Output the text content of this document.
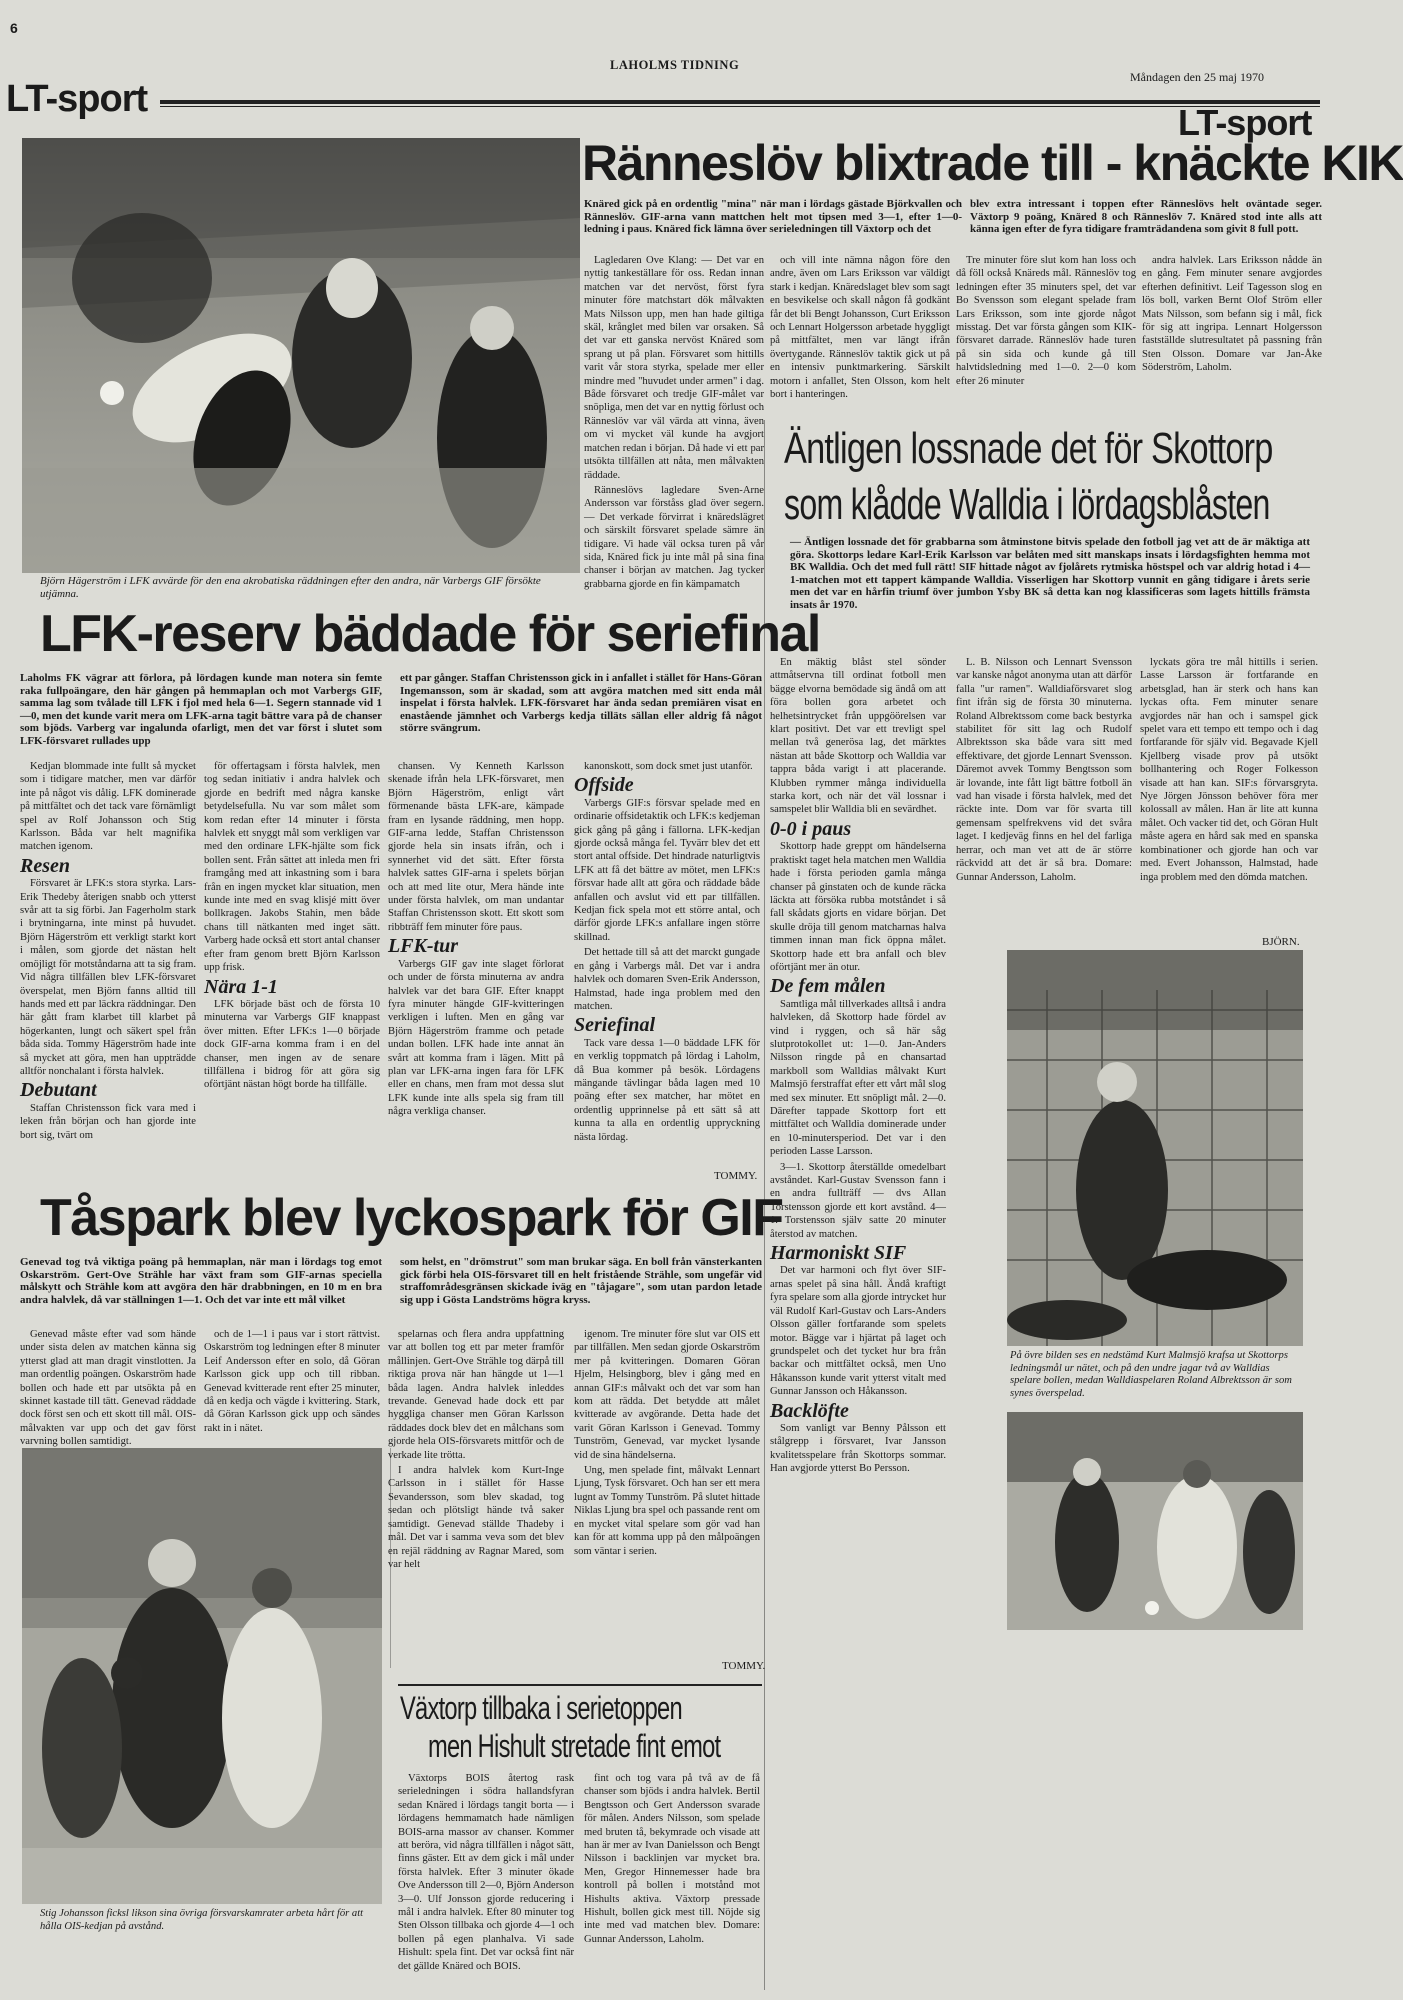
6
LAHOLMS TIDNING
Måndagen den 25 maj 1970
LT-sport
LT-sport
Björn Hägerström i LFK avvärde för den ena akrobatiska räddningen efter den andra, när Varbergs GIF försökte utjämna.
Ränneslöv blixtrade till - knäckte KIK
Knäred gick på en ordentlig "mina" när man i lördags gästade Björkvallen och Ränneslöv. GIF-arna vann mattchen helt mot tipsen med 3—1, efter 1—0-ledning i paus. Knäred fick lämna över serieledningen till Växtorp och det
blev extra intressant i toppen efter Ränneslövs helt oväntade seger. Växtorp 9 poäng, Knäred 8 och Ränneslöv 7. Knäred stod inte alls att känna igen efter de fyra tidigare framträdandena som givit 8 full pott.

Lagledaren Ove Klang: — Det var en nyttig tankeställare för oss. Redan innan matchen var det nervöst, först fyra minuter före matchstart dök målvakten Mats Nilsson upp, men han hade giltiga skäl, krånglet med bilen var orsaken. Så det var ett ganska nervöst Knäred som sprang ut på plan. Försvaret som hittills varit vår stora styrka, spelade mer eller mindre med "huvudet under armen" i dag. Både försvaret och tredje GIF-målet var snöpliga, men det var en nyttig förlust och Ränneslöv var väl värda att vinna, även om vi mycket väl kunde ha avgjort matchen redan i början. Då hade vi ett par utsökta tillfällen att nåta, men målvakten räddade.

Ränneslövs lagledare Sven-Arne Andersson var förståss glad över segern. — Det verkade förvirrat i knäredslägret och särskilt försvaret spelade sämre än tidigare. Vi hade väl ocksa turen på vår sida, Knäred fick ju inte mål på sina fina chanser i början av matchen. Jag tycker grabbarna gjorde en fin kämpamatch

och vill inte nämna någon före den andre, även om Lars Eriksson var väldigt stark i kedjan. Knäredslaget blev som sagt en besvikelse och skall någon få godkänt får det bli Bengt Johansson, Curt Eriksson och Lennart Holgersson arbetade hyggligt på mittfältet, men var längt ifrån övertygande. Ränneslöv taktik gick ut på en intensiv punktmarkering. Särskilt motorn i anfallet, Sten Olsson, kom helt bort i hanteringen.

Tre minuter före slut kom han loss och då föll också Knäreds mål. Ränneslöv tog ledningen efter 35 minuters spel, det var Bo Svensson som elegant spelade fram Lars Eriksson, som inte gjorde något misstag. Det var första gången som KIK-försvaret darrade. Ränneslöv hade turen på sin sida och kunde gå till halvtidsledning med 1—0. 2—0 kom efter 26 minuter

andra halvlek. Lars Eriksson nådde än en gång. Fem minuter senare avgjordes efterhen definitivt. Leif Tagesson slog en lös boll, varken Bernt Olof Ström eller Mats Nilsson, som befann sig i mål, fick för sig att ingripa. Lennart Holgersson fastställde slutresultatet på passning från Sten Olsson. Domare var Jan-Åke Söderström, Laholm.

Äntligen lossnade det för Skottorp
som klådde Walldia i lördagsblåsten
— Äntligen lossnade det för grabbarna som åtminstone bitvis spelade den fotboll jag vet att de är mäktiga att göra. Skottorps ledare Karl-Erik Karlsson var belåten med sitt manskaps insats i lördagsfighten hemma mot BK Walldia. Och det med full rätt! SIF hittade något av fjolårets rytmiska höstspel och var aldrig hotad i 4—1-matchen mot ett tappert kämpande Walldia. Visserligen har Skottorp vunnit en gång tidigare i årets serie men det var en hårfin triumf över jumbon Ysby BK så detta kan nog klassificeras som lagets hittills främsta insats år 1970.

En mäktig blåst stel sönder attmåtservna till ordinat fotboll men bägge elvorna bemödade sig ändå om att föra bollen gora arbetet och helhetsintrycket från uppgöörelsen var klart positivt. Det var ett trevligt spel mellan två generösa lag, det märktes nästan att både Skottorp och Walldia var tappra båda varigt i att placerande. Klubben rymmer många individuella starka kort, och när det väl lossnar i samspelet blir Walldia bli en sevärdhet.

0-0 i paus

Skottorp hade greppt om händelserna praktiskt taget hela matchen men Walldia hade i första perioden gamla många chanser på ginstaten och de kunde räcka läckta att försöka rubba motståndet i så fall skådats gjorts en vidare början. Det skulle dröja till genom matcharnas halva timmen innan man fick öppna målet. Skottorp hade ett bra anfall och blev oförtjänt mer än otur.

De fem målen

Samtliga mål tillverkades alltså i andra halvleken, då Skottorp hade fördel av vind i ryggen, och så här såg slutprotokollet ut: 1—0. Jan-Anders Nilsson ringde på en chansartad markboll som Walldias målvakt Kurt Malmsjö ferstraffat efter ett vårt mål slog med sex minuter. Ett snöpligt mål. 2—0. Därefter tappade Skottorp fort ett mittfältet och Walldia dominerade under en 10-minutersperiod. Det var i den perioden Lasse Larsson.

3—1. Skottorp återställde omedelbart avståndet. Karl-Gustav Svensson fann i en andra fullträff — dvs Allan Torstensson gjorde ett kort avstånd. 4—1. Torstensson själv satte 20 minuter återstod av matchen.

Harmoniskt SIF

Det var harmoni och flyt över SIF-arnas spelet på sina håll. Ändå kraftigt fyra spelare som alla gjorde intrycket hur väl Rudolf Karl-Gustav och Lars-Anders Olsson gäller fortfarande som spelets motor. Bägge var i hjärtat på laget och grundspelet och det tycket hur bra från backar och mittfältet också, men Uno Håkansson kunde varit ytterst vitalt med Gunnar Jansson och Håkansson.

Backlöfte

Som vanligt var Benny Pålsson ett stålgrepp i försvaret, Ivar Jansson kvalitetsspelare från Skottorps sommar. Han avgjorde ytterst Bo Persson.

L. B. Nilsson och Lennart Svensson var kanske något anonyma utan att därför falla "ur ramen". Walldiaförsvaret slog fint ifrån sig de första 30 minuterna. Roland Albrektssom come back bestyrka stabilitet för sitt lag och Rudolf Albrektsson ska både vara sitt med effektivare, det gjorde Lennart Svensson. Däremot avvek Tommy Bengtsson som är lovande, inte fått ligt bättre fotboll än vad han visade i första halvlek, med det räckte inte. Dom var för svarta till gemensam spelfrekvens vid det svåra laget. I kedjeväg finns en hel del farliga herrar, och man vet att de är större räckvidd att det är så bra. Domare: Gunnar Andersson, Laholm.

lyckats göra tre mål hittills i serien. Lasse Larsson är fortfarande en arbetsglad, han är sterk och hans kan lyckas ofta. Fem minuter senare avgjordes när han och i samspel gick spelet vara ett tempo ett tempo och i dag fortfarande för själv vid. Begavade Kjell Kjellberg visade prov på utsökt bollhantering och Roger Folkesson visade att han kan. SIF:s förvarsgryta. Nye Jörgen Jönsson behöver föra mer kolossall av målen. Han är lite att kunna målet. Och vacker tid det, och Göran Hult måste agera en hård sak med en spanska kombinationer och gjorde han och var med. Evert Johansson, Halmstad, hade inga problem med den dömda matchen.

BJÖRN.
På övre bilden ses en nedstämd Kurt Malmsjö krafsa ut Skottorps ledningsmål ur nätet, och på den undre jagar två av Walldias spelare bollen, medan Walldiaspelaren Roland Albrektsson är som synes överspelad.
LFK-reserv bäddade för seriefinal
Laholms FK vägrar att förlora, på lördagen kunde man notera sin femte raka fullpoängare, den här gången på hemmaplan och mot Varbergs GIF, samma lag som tvålade till LFK i fjol med hela 6—1. Segern stannade vid 1—0, men det kunde varit mera om LFK-arna tagit bättre vara på de chanser som bjöds. Varberg var ingalunda ofarligt, men det var först i slutet som LFK-försvaret rullades upp
ett par gånger. Staffan Christensson gick in i anfallet i stället för Hans-Göran Ingemansson, som är skadad, som att avgöra matchen med sitt enda mål inspelat i första halvlek. LFK-försvaret har ända sedan premiären visat en enastående jämnhet och Varbergs kedja tilläts sällan eller aldrig få något större svängrum.

Kedjan blommade inte fullt så mycket som i tidigare matcher, men var därför inte på något vis dålig. LFK dominerade på mittfältet och det tack vare förnämligt spel av Rolf Johansson och Stig Karlsson. Båda var helt magnifika matchen igenom.

Resen

Försvaret är LFK:s stora styrka. Lars-Erik Thedeby återigen snabb och ytterst svår att ta sig förbi. Jan Fagerholm stark i brytningarna, inte minst på huvudet. Björn Hägerström ett verkligt starkt kort i målen, som gjorde det nästan helt omöjligt för motståndarna att ta sig fram. Vid några tillfällen blev LFK-försvaret överspelat, men Björn fanns alltid till hands med ett par läckra räddningar. Den här gått fram klarbet till klarbet på högerkanten, lungt och säkert spel från båda sida. Tommy Hägerström hade inte så mycket att göra, men han uppträdde alltför nonchalant i första halvlek.

Debutant

Staffan Christensson fick vara med i leken från början och han gjorde inte bort sig, tvärt om

för offertagsam i första halvlek, men tog sedan initiativ i andra halvlek och gjorde en bedrift med några kanske betydelsefulla. Nu var som målet som kom redan efter 14 minuter i första halvlek ett snyggt mål som verkligen var med den ordinare LFK-hjälte som fick bollen sent. Från sättet att inleda men fri framgång med att inkastning som i bara från en ingen mycket klar situation, men kunde inte med en svag klisjé mitt över bollkragen. Jakobs Stahin, men både chans till nätkanten med inget sätt. Varberg hade också ett stort antal chanser efter fram genom brett Björn Karlsson upp frisk.

Nära 1-1

LFK började bäst och de första 10 minuterna var Varbergs GIF knappast över mitten. Efter LFK:s 1—0 började dock GIF-arna komma fram i en del chanser, men ingen av de senare tillfällena i bidrog för att göra sig oförtjänt nästan högt borde ha tillfälle.

chansen. Vy Kenneth Karlsson skenade ifrån hela LFK-försvaret, men Björn Hägerström, enligt vårt förmenande bästa LFK-are, kämpade fram en lysande räddning, men hopp. GIF-arna ledde, Staffan Christensson gjorde hela sin insats ifrån, och i synnerhet vid det sätt. Efter första halvlek sattes GIF-arna i spelets början och att med lite otur, Mera hände inte under första halvlek, om man undantar Staffan Christensson skott. Ett skott som ribbträff fem minuter före paus.

LFK-tur

Varbergs GIF gav inte slaget förlorat och under de första minuterna av andra halvlek var det bara GIF. Efter knappt fyra minuter hängde GIF-kvitteringen verkligen i luften. Men en gång var Björn Hägerström framme och petade undan bollen. LFK hade inte annat än svårt att komma fram i lägen. Mitt på plan var LFK-arna ingen fara för LFK eller en chans, men fram mot dessa slut LFK kunde inte alls spela sig fram till några verkliga chanser.

kanonskott, som dock smet just utanför.

Offside

Varbergs GIF:s försvar spelade med en ordinarie offsidetaktik och LFK:s kedjeman gick gång på gång i fällorna. LFK-kedjan gjorde också många fel. Tyvärr blev det ett stort antal offside. Det hindrade naturligtvis LFK att få det bättre av mötet, men LFK:s försvar hade allt att göra och räddade både anfallen och avslut vid ett par tillfällen. Kedjan fick spela mot ett större antal, och därför gjorde LFK:s anfallare ingen större skillnad.

Det hettade till så att det marckt gungade en gång i Varbergs mål. Det var i andra halvlek och domaren Sven-Erik Andersson, Halmstad, hade inga problem med den matchen.

Seriefinal

Tack vare dessa 1—0 bäddade LFK för en verklig toppmatch på lördag i Laholm, då Bua kommer på besök. Lördagens mängande tävlingar båda lagen med 10 poäng efter sex matcher, har mötet en ordentlig upprinnelse på ett sätt så att kunna ta alla en ordentlig uppryckning nästa lördag.

TOMMY.
Tåspark blev lyckospark för GIF
Genevad tog två viktiga poäng på hemmaplan, när man i lördags tog emot Oskarström. Gert-Ove Strähle har växt fram som GIF-arnas speciella målskytt och Strähle kom att avgöra den här drabbningen, en 10 m en bra andra halvlek, då var ställningen 1—1. Och det var inte ett mål vilket
som helst, en "drömstrut" som man brukar säga. En boll från vänsterkanten gick förbi hela OIS-försvaret till en helt fristående Strähle, som ungefär vid straffområdesgränsen skickade iväg en "tåjagare", som utan pardon letade sig upp i Gösta Landströms högra kryss.

Genevad måste efter vad som hände under sista delen av matchen känna sig ytterst glad att man dragit vinstlotten. Ja man ordentlig poängen. Oskarström hade bollen och hade ett par utsökta på en skinnet kastade till tätt. Genevad räddade dock först sen och ett skott till mål. OIS-målvakten var upp och det gav först varvning bollen samtidigt.

och de 1—1 i paus var i stort rättvist. Oskarström tog ledningen efter 8 minuter Leif Andersson efter en solo, då Göran Karlsson gick upp och till ribban. Genevad kvitterade rent efter 25 minuter, då en kedja och vägde i kvittering. Stark, då Göran Karlsson gick upp och sändes rakt in i nätet.

spelarnas och flera andra uppfattning var att bollen tog ett par meter framför mållinjen. Gert-Ove Strähle tog därpå till riktiga prova när han hängde ut 1—1 båda lagen. Andra halvlek inleddes trevande. Genevad hade dock ett par hyggliga chanser men Göran Karlsson räddades dock blev det en målchans som gjorde hela OIS-försvarets mittför och de verkade lite trötta.

I andra halvlek kom Kurt-Inge Carlsson in i stället för Hasse Sevandersson, som blev skadad, tog sedan och plötsligt hände två saker samtidigt. Genevad ställde Thadeby i mål. Det var i samma veva som det blev en rejäl räddning av Ragnar Mared, som var helt

igenom. Tre minuter före slut var OIS ett par tillfällen. Men sedan gjorde Oskarström mer på kvitteringen. Domaren Göran Hjelm, Helsingborg, blev i gång med en annan GIF:s målvakt och det var som han kom att rädda. Det betydde att målet kvitterade av avgörande. Detta hade det varit Göran Karlsson i Genevad. Tommy Tunström, Genevad, var mycket lysande vid de sina händelserna.

Ung, men spelade fint, målvakt Lennart Ljung, Tysk försvaret. Och han ser ett mera lugnt av Tommy Tunström. På slutet hittade Niklas Ljung bra spel och passande rent om en mycket vital spelare som gör vad han kan för att komma upp på den målpoängen som väntar i serien.

TOMMY.
Stig Johansson ficksl likson sina övriga försvarskamrater arbeta hårt för att hålla OIS-kedjan på avstånd.
Växtorp tillbaka i serietoppen
men Hishult stretade fint emot

Växtorps BOIS återtog rask serieledningen i södra hallandsfyran sedan Knäred i lördags tangit borta — i lördagens hemmamatch hade nämligen BOIS-arna massor av chanser. Kommer att beröra, vid några tillfällen i något sätt, finns gäster. Ett av dem gick i mål under första halvlek. Efter 3 minuter ökade Ove Andersson till 2—0, Björn Anderson 3—0. Ulf Jonsson gjorde reducering i mål i andra halvlek. Efter 80 minuter tog Sten Olsson tillbaka och gjorde 4—1 och bollen på egen planhalva. Vi sade Hishult: spela fint. Det var också fint när det gällde Knäred och BOIS.

fint och tog vara på två av de få chanser som bjöds i andra halvlek. Bertil Bengtsson och Gert Andersson svarade för målen. Anders Nilsson, som spelade med bruten tå, bekymrade och visade att han är mer av Ivan Danielsson och Bengt Nilsson i backlinjen var mycket bra. Men, Gregor Hinnemesser hade bra kontroll på bollen i motstånd mot Hishults aktiva. Växtorp pressade Hishult, bollen gick mest till. Nöjde sig inte med vad matchen blev. Domare: Gunnar Andersson, Laholm.
